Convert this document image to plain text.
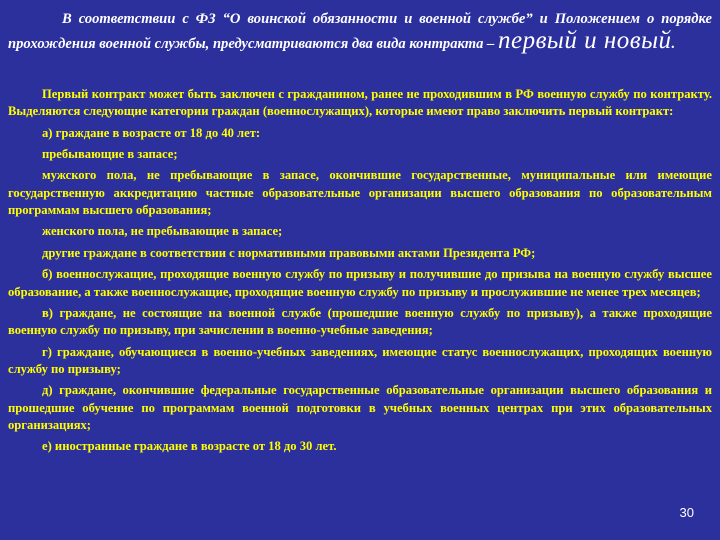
В соответствии с ФЗ “О воинской обязанности и военной службе” и Положением о порядке прохождения военной службы, предусматриваются два вида контракта – первый и новый.

Первый контракт может быть заключен с гражданином, ранее не проходившим в РФ военную службу по контракту. Выделяются следующие категории граждан (военнослужащих), которые имеют право заключить первый контракт:

а) граждане в возрасте от 18 до 40 лет:

пребывающие в запасе;

мужского пола, не пребывающие в запасе, окончившие государственные, муниципальные или имеющие государственную аккредитацию частные образовательные организации высшего образования по образовательным программам высшего образования;

женского пола, не пребывающие в запасе;

другие граждане в соответствии с нормативными правовыми актами Президента РФ;

б) военнослужащие, проходящие военную службу по призыву и получившие до призыва на военную службу высшее образование, а также военнослужащие, проходящие военную службу по призыву и прослужившие не менее трех месяцев;

в) граждане, не состоящие на военной службе (прошедшие военную службу по призыву), а также проходящие военную службу по призыву, при зачислении в военно-учебные заведения;

г) граждане, обучающиеся в военно-учебных заведениях, имеющие статус военнослужащих, проходящих военную службу по призыву;

д) граждане, окончившие федеральные государственные образовательные организации высшего образования и прошедшие обучение по программам военной подготовки в учебных военных центрах при этих образовательных организациях;

е) иностранные граждане в возрасте от 18 до 30 лет.

30
